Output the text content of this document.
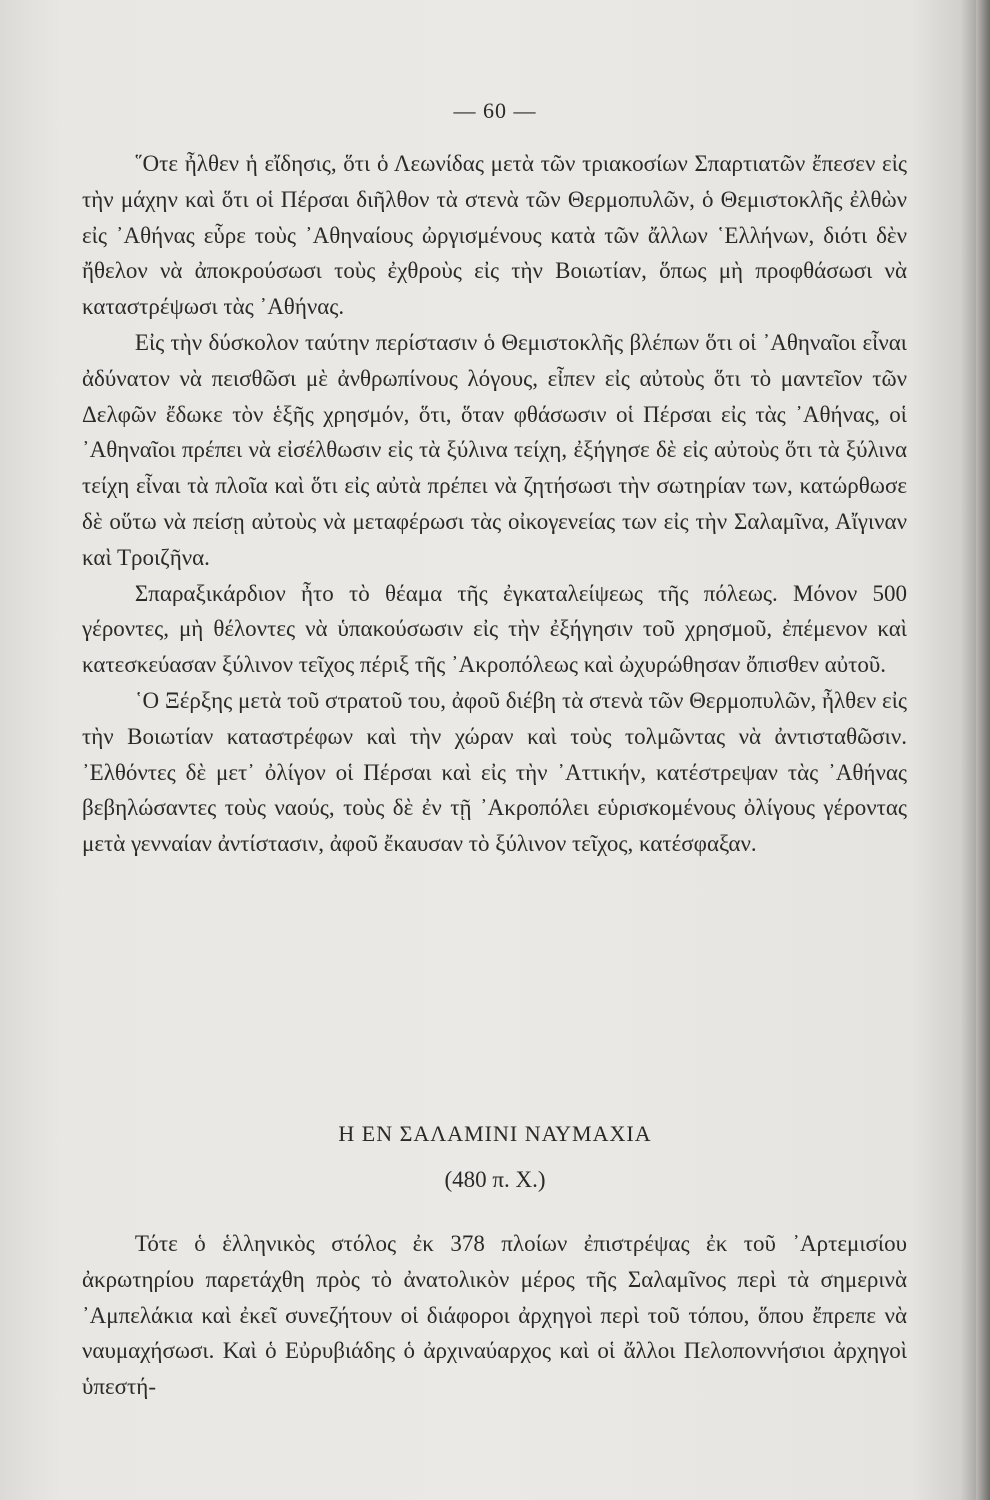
— 60 —

῞Οτε ἦλθεν ἡ εἴδησις, ὅτι ὁ Λεωνίδας μετὰ τῶν τριακοσίων Σπαρτιατῶν ἔπεσεν εἰς τὴν μάχην καὶ ὅτι οἱ Πέρσαι διῆλθον τὰ στενὰ τῶν Θερμοπυλῶν, ὁ Θεμιστοκλῆς ἐλθὼν εἰς ᾿Αθήνας εὗρε τοὺς ᾿Αθηναίους ὠργισμένους κατὰ τῶν ἄλλων ῾Ελλήνων, διότι δὲν ἤθελον νὰ ἀποκρούσωσι τοὺς ἐχθροὺς εἰς τὴν Βοιωτίαν, ὅπως μὴ προφθάσωσι νὰ καταστρέψωσι τὰς ᾿Αθήνας.

Εἰς τὴν δύσκολον ταύτην περίστασιν ὁ Θεμιστοκλῆς βλέπων ὅτι οἱ ᾿Αθηναῖοι εἶναι ἀδύνατον νὰ πεισθῶσι μὲ ἀνθρωπίνους λόγους, εἶπεν εἰς αὐτοὺς ὅτι τὸ μαντεῖον τῶν Δελφῶν ἔδωκε τὸν ἑξῆς χρησμόν, ὅτι, ὅταν φθάσωσιν οἱ Πέρσαι εἰς τὰς ᾿Αθήνας, οἱ ᾿Αθηναῖοι πρέπει νὰ εἰσέλθωσιν εἰς τὰ ξύλινα τείχη, ἐξήγησε δὲ εἰς αὐτοὺς ὅτι τὰ ξύλινα τείχη εἶναι τὰ πλοῖα καὶ ὅτι εἰς αὐτὰ πρέπει νὰ ζητήσωσι τὴν σωτηρίαν των, κατώρθωσε δὲ οὕτω νὰ πείσῃ αὐτοὺς νὰ μεταφέρωσι τὰς οἰκογενείας των εἰς τὴν Σαλαμῖνα, Αἴγιναν καὶ Τροιζῆνα.

Σπαραξικάρδιον ἦτο τὸ θέαμα τῆς ἐγκαταλείψεως τῆς πόλεως. Μόνον 500 γέροντες, μὴ θέλοντες νὰ ὑπακούσωσιν εἰς τὴν ἐξήγησιν τοῦ χρησμοῦ, ἐπέμενον καὶ κατεσκεύασαν ξύλινον τεῖχος πέριξ τῆς ᾿Ακροπόλεως καὶ ὠχυρώθησαν ὄπισθεν αὐτοῦ.

῾Ο Ξέρξης μετὰ τοῦ στρατοῦ του, ἀφοῦ διέβη τὰ στενὰ τῶν Θερμοπυλῶν, ἦλθεν εἰς τὴν Βοιωτίαν καταστρέφων καὶ τὴν χώραν καὶ τοὺς τολμῶντας νὰ ἀντισταθῶσιν. ᾿Ελθόντες δὲ μετ᾿ ὀλίγον οἱ Πέρσαι καὶ εἰς τὴν ᾿Αττικήν, κατέστρεψαν τὰς ᾿Αθήνας βεβηλώσαντες τοὺς ναούς, τοὺς δὲ ἐν τῇ ᾿Ακροπόλει εὑρισκομένους ὀλίγους γέροντας μετὰ γενναίαν ἀντίστασιν, ἀφοῦ ἔκαυσαν τὸ ξύλινον τεῖχος, κατέσφαξαν.

Η ΕΝ ΣΑΛΑΜΙΝΙ ΝΑΥΜΑΧΙΑ
(480 π. Χ.)

Τότε ὁ ἑλληνικὸς στόλος ἐκ 378 πλοίων ἐπιστρέψας ἐκ τοῦ ᾿Αρτεμισίου ἀκρωτηρίου παρετάχθη πρὸς τὸ ἀνατολικὸν μέρος τῆς Σαλαμῖνος περὶ τὰ σημερινὰ ᾿Αμπελάκια καὶ ἐκεῖ συνεζήτουν οἱ διάφοροι ἀρχηγοὶ περὶ τοῦ τόπου, ὅπου ἔπρεπε νὰ ναυμαχήσωσι. Καὶ ὁ Εὐρυβιάδης ὁ ἀρχιναύαρχος καὶ οἱ ἄλλοι Πελοποννήσιοι ἀρχηγοὶ ὑπεστή-
